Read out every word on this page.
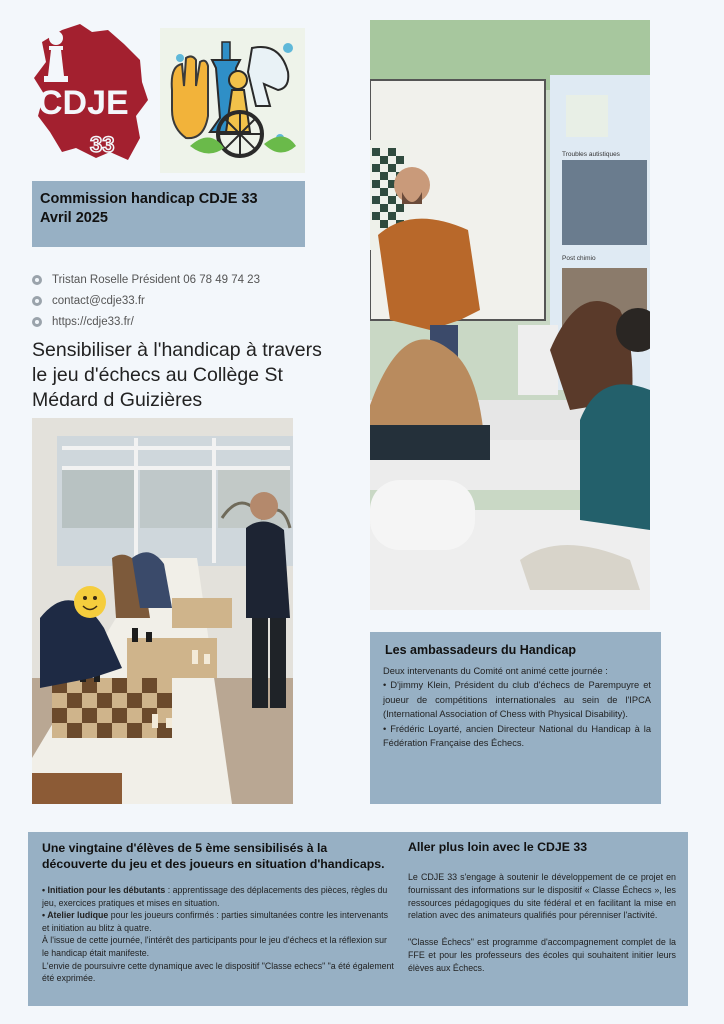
CDJE
33
Commission handicap CDJE 33
Avril 2025
Tristan Roselle Président 06 78 49 74 23
contact@cdje33.fr
https://cdje33.fr/
Sensibiliser à l'handicap à travers le jeu d'échecs au Collège St Médard d Guizières
Troubles autistiques
Post chimio
Les ambassadeurs du Handicap

Deux intervenants du Comité ont animé cette journée :

• D'jimmy Klein, Président du club d'échecs de Parempuyre et joueur de compétitions internationales au sein de l'IPCA (International Association of Chess with Physical Disability).

• Frédéric Loyarté, ancien Directeur National du Handicap à la Fédération Française des Échecs.

Une vingtaine d'élèves de 5 ème sensibilisés à la découverte du jeu et des joueurs en situation d'handicaps.

• Initiation pour les débutants : apprentissage des déplacements des pièces, règles du jeu, exercices pratiques et mises en situation.

• Atelier ludique pour les joueurs confirmés : parties simultanées contre les intervenants et initiation au blitz à quatre.

À l'issue de cette journée, l'intérêt des participants pour le jeu d'échecs et la réflexion sur le handicap était manifeste.

L'envie de poursuivre cette dynamique avec le dispositif "Classe echecs" "a été également été exprimée.

Aller plus loin avec le CDJE 33

Le CDJE 33 s'engage à soutenir le développement de ce projet en fournissant des informations sur le dispositif « Classe Échecs », les ressources pédagogiques du site fédéral et en facilitant la mise en relation avec des animateurs qualifiés pour pérenniser l'activité.

"Classe Échecs" est programme d'accompagnement complet de la FFE et pour les professeurs des écoles qui souhaitent initier leurs élèves aux Échecs.
